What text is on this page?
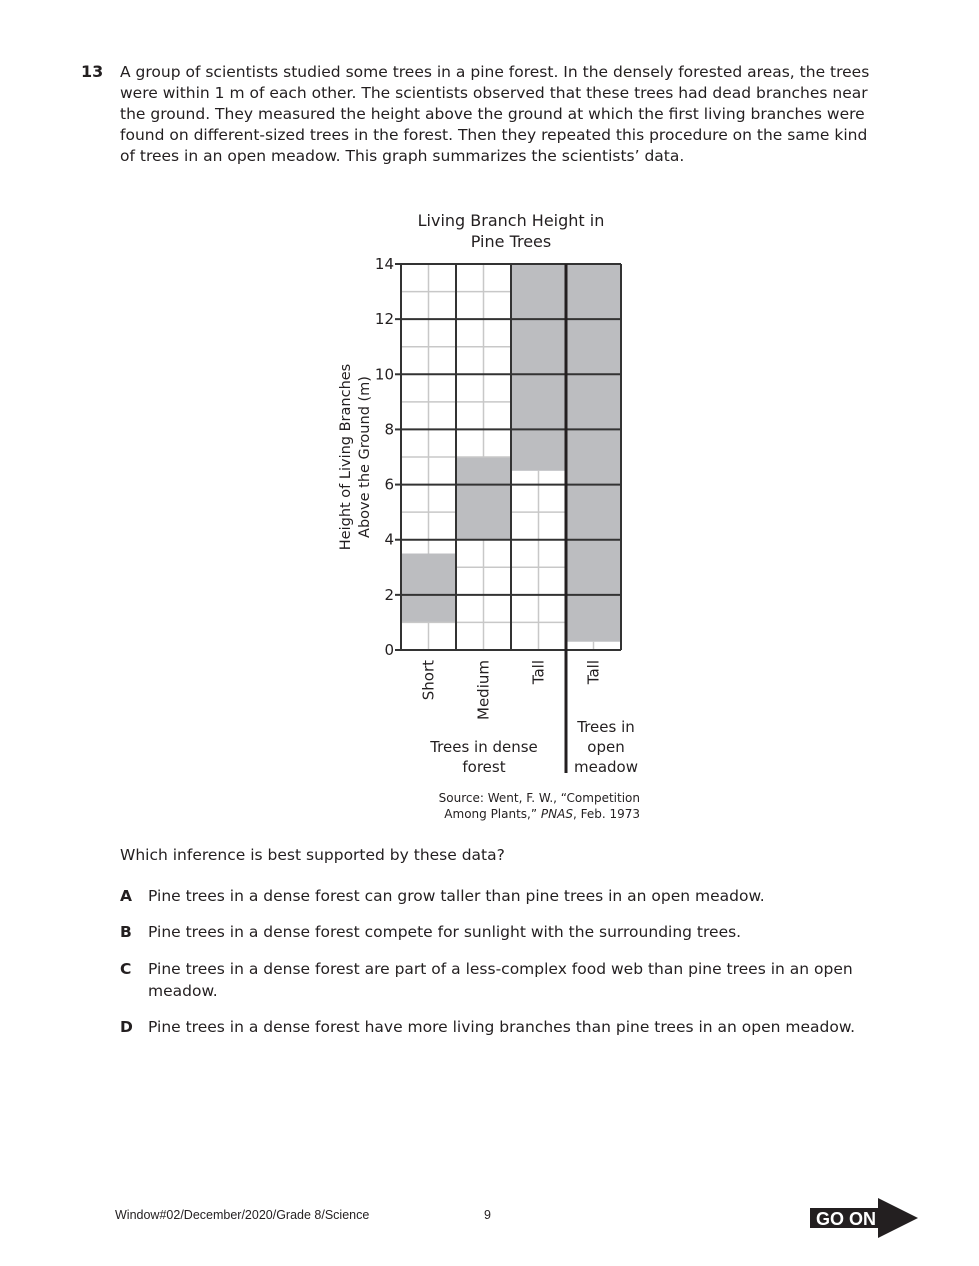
13 A group of scientists studied some trees in a pine forest. In the densely forested areas, the trees were within 1 m of each other. The scientists observed that these trees had dead branches near the ground. They measured the height above the ground at which the first living branches were found on different-sized trees in the forest. Then they repeated this procedure on the same kind of trees in an open meadow. This graph summarizes the scientists’ data.
Living Branch Height in
Pine Trees
0
2
4
6
8
10
12
14
Height of Living Branches Above the Ground (m)
Short Medium Tall Tall
Trees in dense
forest
Trees in
open
meadow
Source: Went, F. W., “Competition
Among Plants,” PNAS, Feb. 1973
Which inference is best supported by these data?
A Pine trees in a dense forest can grow taller than pine trees in an open meadow.
B Pine trees in a dense forest compete for sunlight with the surrounding trees.
C Pine trees in a dense forest are part of a less-complex food web than pine trees in an open meadow.
D Pine trees in a dense forest have more living branches than pine trees in an open meadow.
Window#02/December/2020/Grade 8/Science	9	GO ON
